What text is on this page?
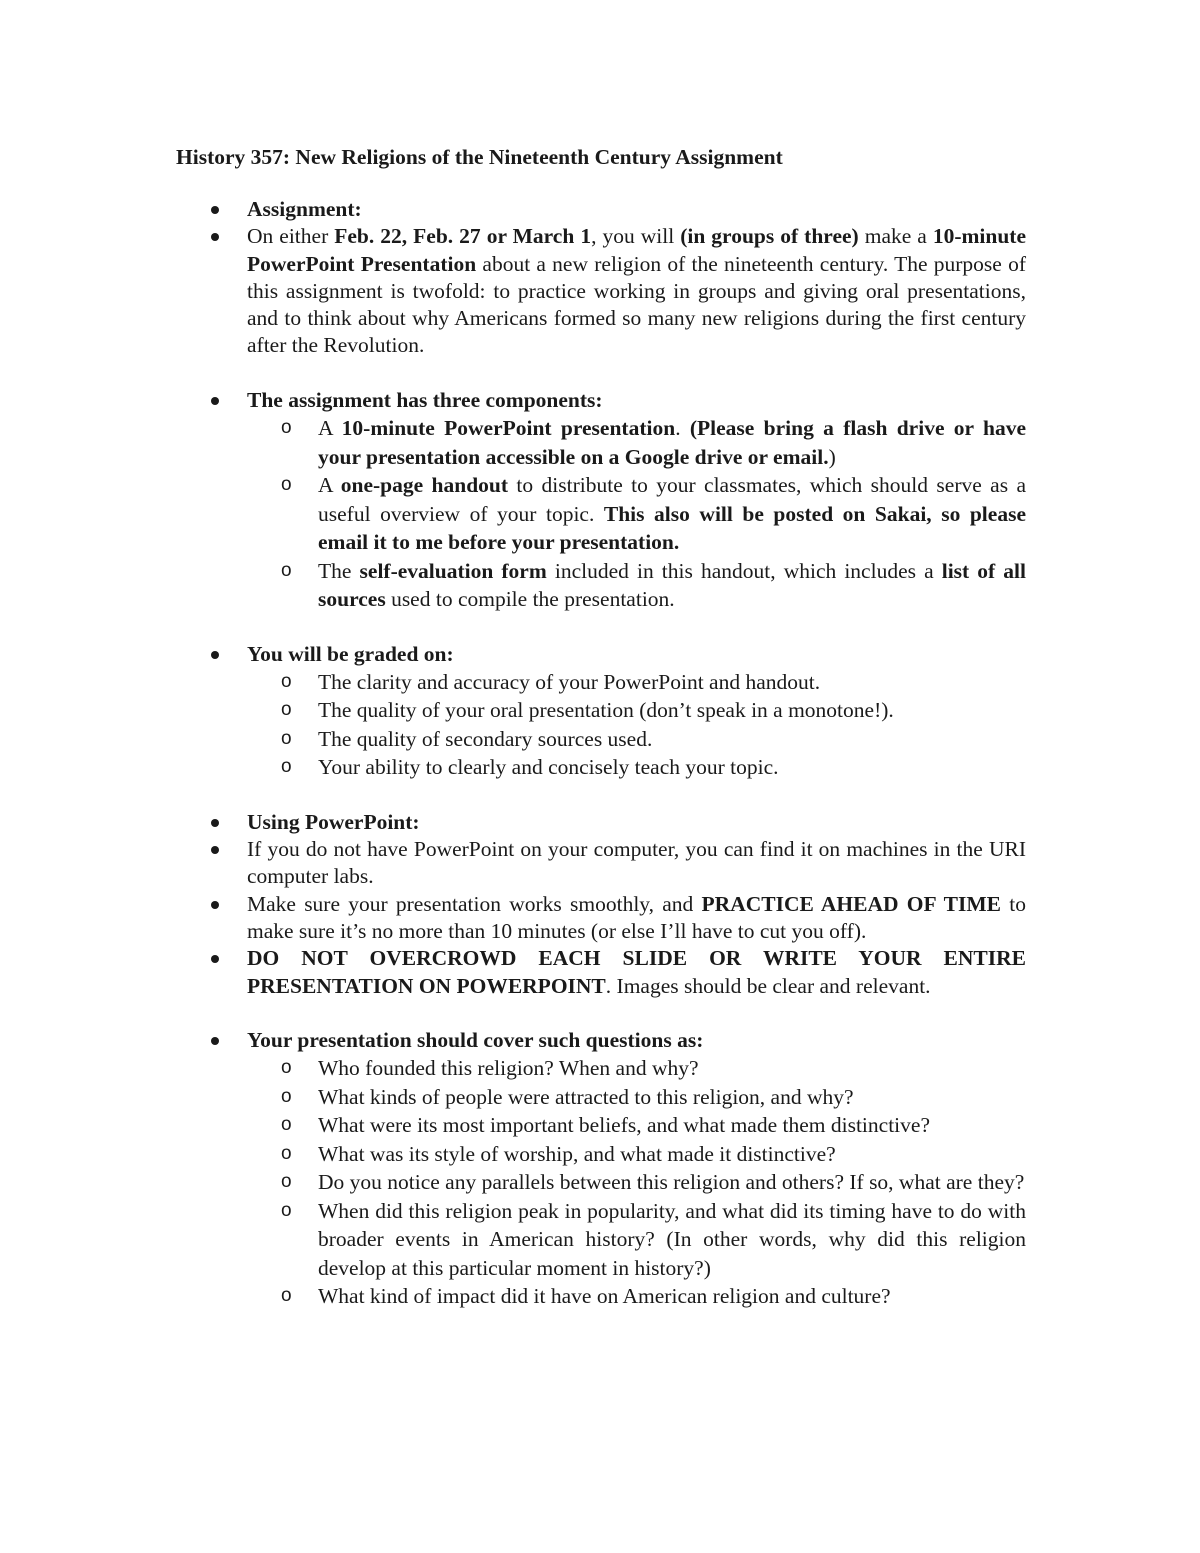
History 357: New Religions of the Nineteenth Century Assignment
Assignment:
On either Feb. 22, Feb. 27 or March 1, you will (in groups of three) make a 10-minute PowerPoint Presentation about a new religion of the nineteenth century. The purpose of this assignment is twofold: to practice working in groups and giving oral presentations, and to think about why Americans formed so many new religions during the first century after the Revolution.
The assignment has three components:
o A 10-minute PowerPoint presentation. (Please bring a flash drive or have your presentation accessible on a Google drive or email.)
o A one-page handout to distribute to your classmates, which should serve as a useful overview of your topic. This also will be posted on Sakai, so please email it to me before your presentation.
o The self-evaluation form included in this handout, which includes a list of all sources used to compile the presentation.
You will be graded on:
o The clarity and accuracy of your PowerPoint and handout.
o The quality of your oral presentation (don’t speak in a monotone!).
o The quality of secondary sources used.
o Your ability to clearly and concisely teach your topic.
Using PowerPoint:
If you do not have PowerPoint on your computer, you can find it on machines in the URI computer labs.
Make sure your presentation works smoothly, and PRACTICE AHEAD OF TIME to make sure it’s no more than 10 minutes (or else I’ll have to cut you off).
DO NOT OVERCROWD EACH SLIDE OR WRITE YOUR ENTIRE PRESENTATION ON POWERPOINT. Images should be clear and relevant.
Your presentation should cover such questions as:
o Who founded this religion? When and why?
o What kinds of people were attracted to this religion, and why?
o What were its most important beliefs, and what made them distinctive?
o What was its style of worship, and what made it distinctive?
o Do you notice any parallels between this religion and others? If so, what are they?
o When did this religion peak in popularity, and what did its timing have to do with broader events in American history? (In other words, why did this religion develop at this particular moment in history?)
o What kind of impact did it have on American religion and culture?
